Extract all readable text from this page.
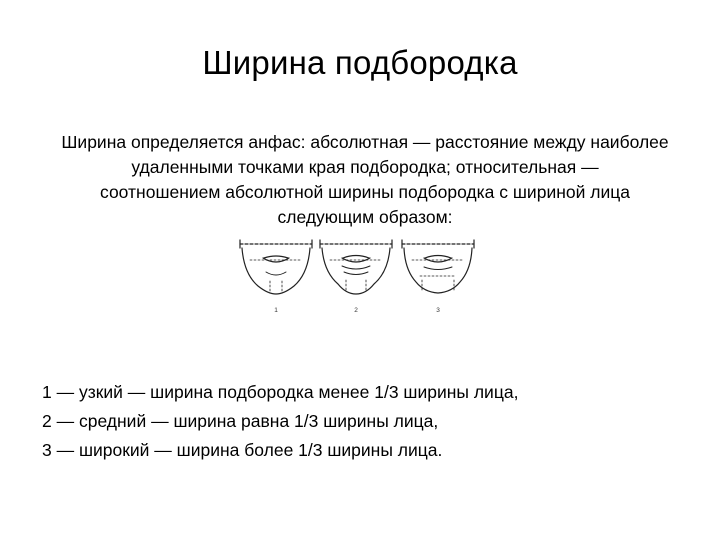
Ширина подбородка
Ширина определяется анфас: абсолютная — расстояние между наиболее
удаленными точками края подбородка; относительная —
соотношением абсолютной ширины подбородка с шириной лица
следующим образом:
1	2	3
1 — узкий — ширина подбородка менее 1/3 ширины лица,
2 — средний — ширина равна 1/3 ширины лица,
3 — широкий — ширина более 1/3 ширины лица.
